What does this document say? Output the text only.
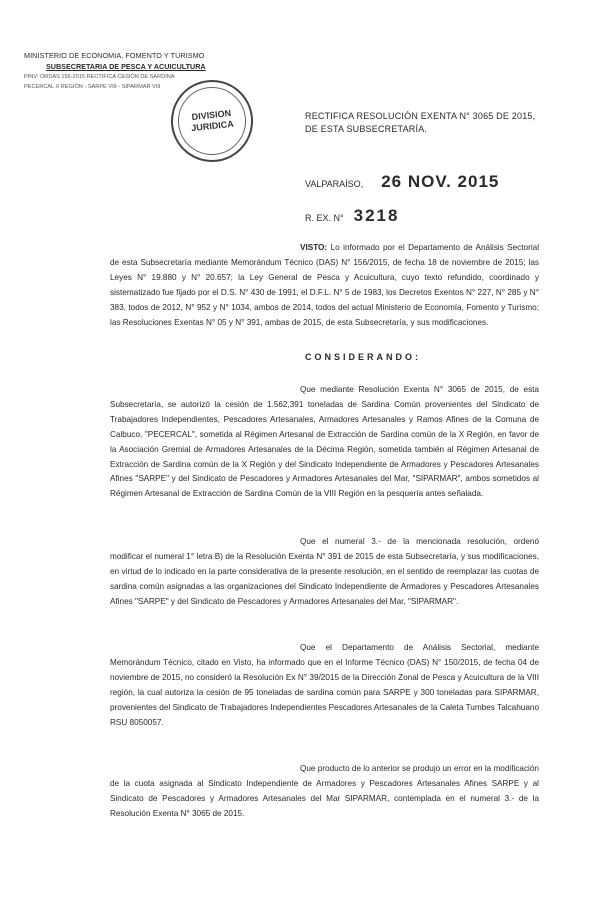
MINISTERIO DE ECONOMIA, FOMENTO Y TURISMO
SUBSECRETARIA DE PESCA Y ACUICULTURA
PINV: ORDAS 156-2015 RECTIFICA CESIÓN DE SARDINA
PECERCAL X REGIÓN - SARPE VIII - SIPARMAR VIII
DIVISION
JURIDICA
RECTIFICA RESOLUCIÓN EXENTA N° 3065 DE 2015,
DE ESTA SUBSECRETARÍA.
VALPARAÍSO, 26 NOV. 2015
R. EX. N° 3218
VISTO: Lo informado por el Departamento de Análisis Sectorial de esta Subsecretaría mediante Memorándum Técnico (DAS) N° 156/2015, de fecha 18 de noviembre de 2015; las Leyes N° 19.880 y N° 20.657; la Ley General de Pesca y Acuicultura, cuyo texto refundido, coordinado y sistematizado fue fijado por el D.S. N° 430 de 1991, el D.F.L. N° 5 de 1983, los Decretos Exentos N° 227, N° 285 y N° 383, todos de 2012, N° 952 y N° 1034, ambos de 2014, todos del actual Ministerio de Economía, Fomento y Turismo; las Resoluciones Exentas N° 05 y N° 391, ambas de 2015, de esta Subsecretaría, y sus modificaciones.
CONSIDERANDO:
Que mediante Resolución Exenta N° 3065 de 2015, de esta Subsecretaría, se autorizó la cesión de 1.562,391 toneladas de Sardina Común provenientes del Sindicato de Trabajadores Independientes, Pescadores Artesanales, Armadores Artesanales y Ramos Afines de la Comuna de Calbuco, "PECERCAL", sometida al Régimen Artesanal de Extracción de Sardina común de la X Región, en favor de la Asociación Gremial de Armadores Artesanales de la Décima Región, sometida también al Régimen Artesanal de Extracción de Sardina común de la X Región y del Sindicato Independiente de Armadores y Pescadores Artesanales Afines "SARPE" y del Sindicato de Pescadores y Armadores Artesanales del Mar, "SIPARMAR", ambos sometidos al Régimen Artesanal de Extracción de Sardina Común de la VIII Región en la pesquería antes señalada.
Que el numeral 3.- de la mencionada resolución, ordenó modificar el numeral 1° letra B) de la Resolución Exenta N° 391 de 2015 de esta Subsecretaría, y sus modificaciones, en virtud de lo indicado en la parte considerativa de la presente resolución, en el sentido de reemplazar las cuotas de sardina común asignadas a las organizaciones del Sindicato Independiente de Armadores y Pescadores Artesanales Afines "SARPE" y del Sindicato de Pescadores y Armadores Artesanales del Mar, "SIPARMAR".
Que el Departamento de Análisis Sectorial, mediante Memorándum Técnico, citado en Visto, ha informado que en el Informe Técnico (DAS) N° 150/2015, de fecha 04 de noviembre de 2015, no consideró la Resolución Ex N° 39/2015 de la Dirección Zonal de Pesca y Acuicultura de la VIII región, la cual autoriza la cesión de 95 toneladas de sardina común para SARPE y 300 toneladas para SIPARMAR, provenientes del Sindicato de Trabajadores Independientes Pescadores Artesanales de la Caleta Tumbes Talcahuano RSU 8050057.
Que producto de lo anterior se produjo un error en la modificación de la cuota asignada al Sindicato Independiente de Armadores y Pescadores Artesanales Afines SARPE y al Sindicato de Pescadores y Armadores Artesanales del Mar SIPARMAR, contemplada en el numeral 3.- de la Resolución Exenta N° 3065 de 2015.
